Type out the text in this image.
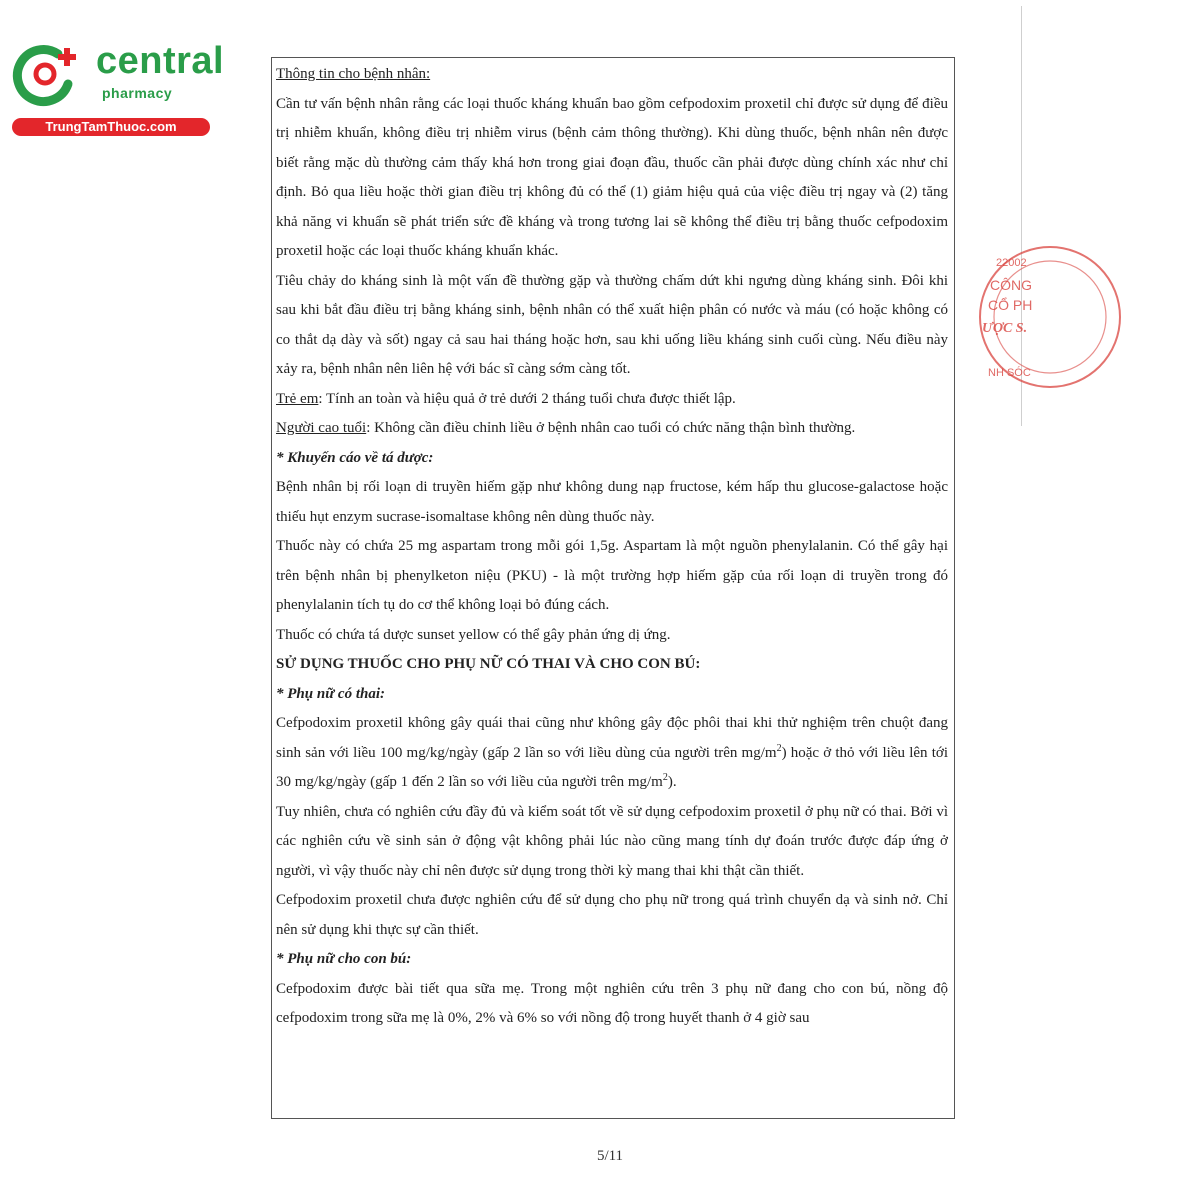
central
pharmacy
TrungTamThuoc.com
22002
CÔNG
CỔ PH
ƯỢC S.
NH SÓC

Thông tin cho bệnh nhân:

Cần tư vấn bệnh nhân rằng các loại thuốc kháng khuẩn bao gồm cefpodoxim proxetil chỉ được sử dụng để điều trị nhiễm khuẩn, không điều trị nhiễm virus (bệnh cảm thông thường). Khi dùng thuốc, bệnh nhân nên được biết rằng mặc dù thường cảm thấy khá hơn trong giai đoạn đầu, thuốc cần phải được dùng chính xác như chỉ định. Bỏ qua liều hoặc thời gian điều trị không đủ có thể (1) giảm hiệu quả của việc điều trị ngay và (2) tăng khả năng vi khuẩn sẽ phát triển sức đề kháng và trong tương lai sẽ không thể điều trị bằng thuốc cefpodoxim proxetil hoặc các loại thuốc kháng khuẩn khác.

Tiêu chảy do kháng sinh là một vấn đề thường gặp và thường chấm dứt khi ngưng dùng kháng sinh. Đôi khi sau khi bắt đầu điều trị bằng kháng sinh, bệnh nhân có thể xuất hiện phân có nước và máu (có hoặc không có co thắt dạ dày và sốt) ngay cả sau hai tháng hoặc hơn, sau khi uống liều kháng sinh cuối cùng. Nếu điều này xảy ra, bệnh nhân nên liên hệ với bác sĩ càng sớm càng tốt.

Trẻ em: Tính an toàn và hiệu quả ở trẻ dưới 2 tháng tuổi chưa được thiết lập.

Người cao tuổi: Không cần điều chỉnh liều ở bệnh nhân cao tuổi có chức năng thận bình thường.

* Khuyến cáo về tá dược:

Bệnh nhân bị rối loạn di truyền hiếm gặp như không dung nạp fructose, kém hấp thu glucose-galactose hoặc thiếu hụt enzym sucrase-isomaltase không nên dùng thuốc này.

Thuốc này có chứa 25 mg aspartam trong mỗi gói 1,5g. Aspartam là một nguồn phenylalanin. Có thể gây hại trên bệnh nhân bị phenylketon niệu (PKU) - là một trường hợp hiếm gặp của rối loạn di truyền trong đó phenylalanin tích tụ do cơ thể không loại bỏ đúng cách.

Thuốc có chứa tá dược sunset yellow có thể gây phản ứng dị ứng.

SỬ DỤNG THUỐC CHO PHỤ NỮ CÓ THAI VÀ CHO CON BÚ:

* Phụ nữ có thai:

Cefpodoxim proxetil không gây quái thai cũng như không gây độc phôi thai khi thử nghiệm trên chuột đang sinh sản với liều 100 mg/kg/ngày (gấp 2 lần so với liều dùng của người trên $mg/m^2$) hoặc ở thỏ với liều lên tới 30 mg/kg/ngày (gấp 1 đến 2 lần so với liều của người trên $mg/m^2$).

Tuy nhiên, chưa có nghiên cứu đầy đủ và kiểm soát tốt về sử dụng cefpodoxim proxetil ở phụ nữ có thai. Bởi vì các nghiên cứu về sinh sản ở động vật không phải lúc nào cũng mang tính dự đoán trước được đáp ứng ở người, vì vậy thuốc này chỉ nên được sử dụng trong thời kỳ mang thai khi thật cần thiết.

Cefpodoxim proxetil chưa được nghiên cứu để sử dụng cho phụ nữ trong quá trình chuyển dạ và sinh nở. Chỉ nên sử dụng khi thực sự cần thiết.

* Phụ nữ cho con bú:

Cefpodoxim được bài tiết qua sữa mẹ. Trong một nghiên cứu trên 3 phụ nữ đang cho con bú, nồng độ cefpodoxim trong sữa mẹ là 0%, 2% và 6% so với nồng độ trong huyết thanh ở 4 giờ sau

5/11
